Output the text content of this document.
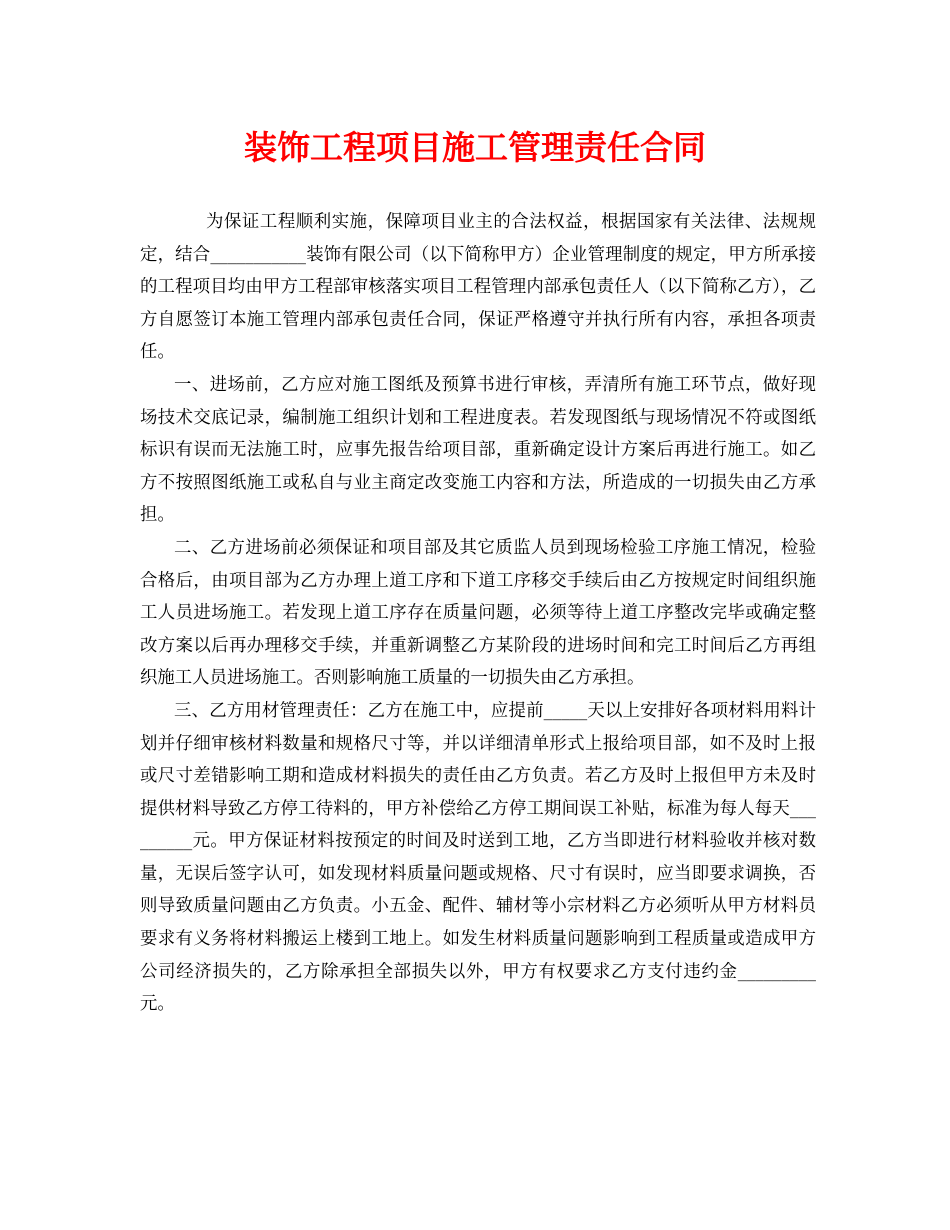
装饰工程项目施工管理责任合同

为保证工程顺利实施，保障项目业主的合法权益，根据国家有关法律、法规规定，结合___________装饰有限公司（以下简称甲方）企业管理制度的规定，甲方所承接的工程项目均由甲方工程部审核落实项目工程管理内部承包责任人（以下简称乙方），乙方自愿签订本施工管理内部承包责任合同，保证严格遵守并执行所有内容，承担各项责任。

一、进场前，乙方应对施工图纸及预算书进行审核，弄清所有施工环节点，做好现场技术交底记录，编制施工组织计划和工程进度表。若发现图纸与现场情况不符或图纸标识有误而无法施工时，应事先报告给项目部，重新确定设计方案后再进行施工。如乙方不按照图纸施工或私自与业主商定改变施工内容和方法，所造成的一切损失由乙方承担。

二、乙方进场前必须保证和项目部及其它质监人员到现场检验工序施工情况，检验合格后，由项目部为乙方办理上道工序和下道工序移交手续后由乙方按规定时间组织施工人员进场施工。若发现上道工序存在质量问题，必须等待上道工序整改完毕或确定整改方案以后再办理移交手续，并重新调整乙方某阶段的进场时间和完工时间后乙方再组织施工人员进场施工。否则影响施工质量的一切损失由乙方承担。

三、乙方用材管理责任：乙方在施工中，应提前_____天以上安排好各项材料用料计划并仔细审核材料数量和规格尺寸等，并以详细清单形式上报给项目部，如不及时上报或尺寸差错影响工期和造成材料损失的责任由乙方负责。若乙方及时上报但甲方未及时提供材料导致乙方停工待料的，甲方补偿给乙方停工期间误工补贴，标准为每人每天_________元。甲方保证材料按预定的时间及时送到工地，乙方当即进行材料验收并核对数量，无误后签字认可，如发现材料质量问题或规格、尺寸有误时，应当即要求调换，否则导致质量问题由乙方负责。小五金、配件、辅材等小宗材料乙方必须听从甲方材料员要求有义务将材料搬运上楼到工地上。如发生材料质量问题影响到工程质量或造成甲方公司经济损失的，乙方除承担全部损失以外，甲方有权要求乙方支付违约金_________元。
